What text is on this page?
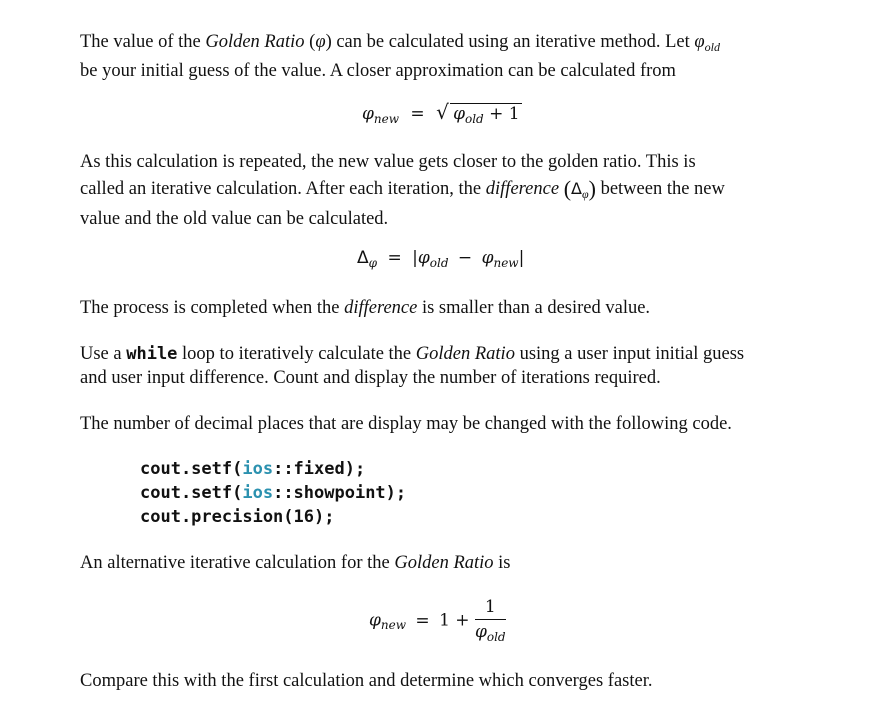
The value of the Golden Ratio (φ) can be calculated using an iterative method. Let $\varphi_{old}$
be your initial guess of the value. A closer approximation can be calculated from
$\varphi_{new}$ = √ $\varphi_{old} + 1$
As this calculation is repeated, the new value gets closer to the golden ratio. This is
called an iterative calculation. After each iteration, the difference $(\Delta_\varphi)$ between the new
value and the old value can be calculated.
$\Delta_\varphi = |\varphi_{old} - \varphi_{new}|$
The process is completed when the difference is smaller than a desired value.
Use a while loop to iteratively calculate the Golden Ratio using a user input initial guess
and user input difference. Count and display the number of iterations required.
The number of decimal places that are display may be changed with the following code.
cout.setf(ios::fixed);
cout.setf(ios::showpoint);
cout.precision(16);
An alternative iterative calculation for the Golden Ratio is
$\varphi_{new} = 1 + \frac{1}{\varphi_{old}}$
Compare this with the first calculation and determine which converges faster.
